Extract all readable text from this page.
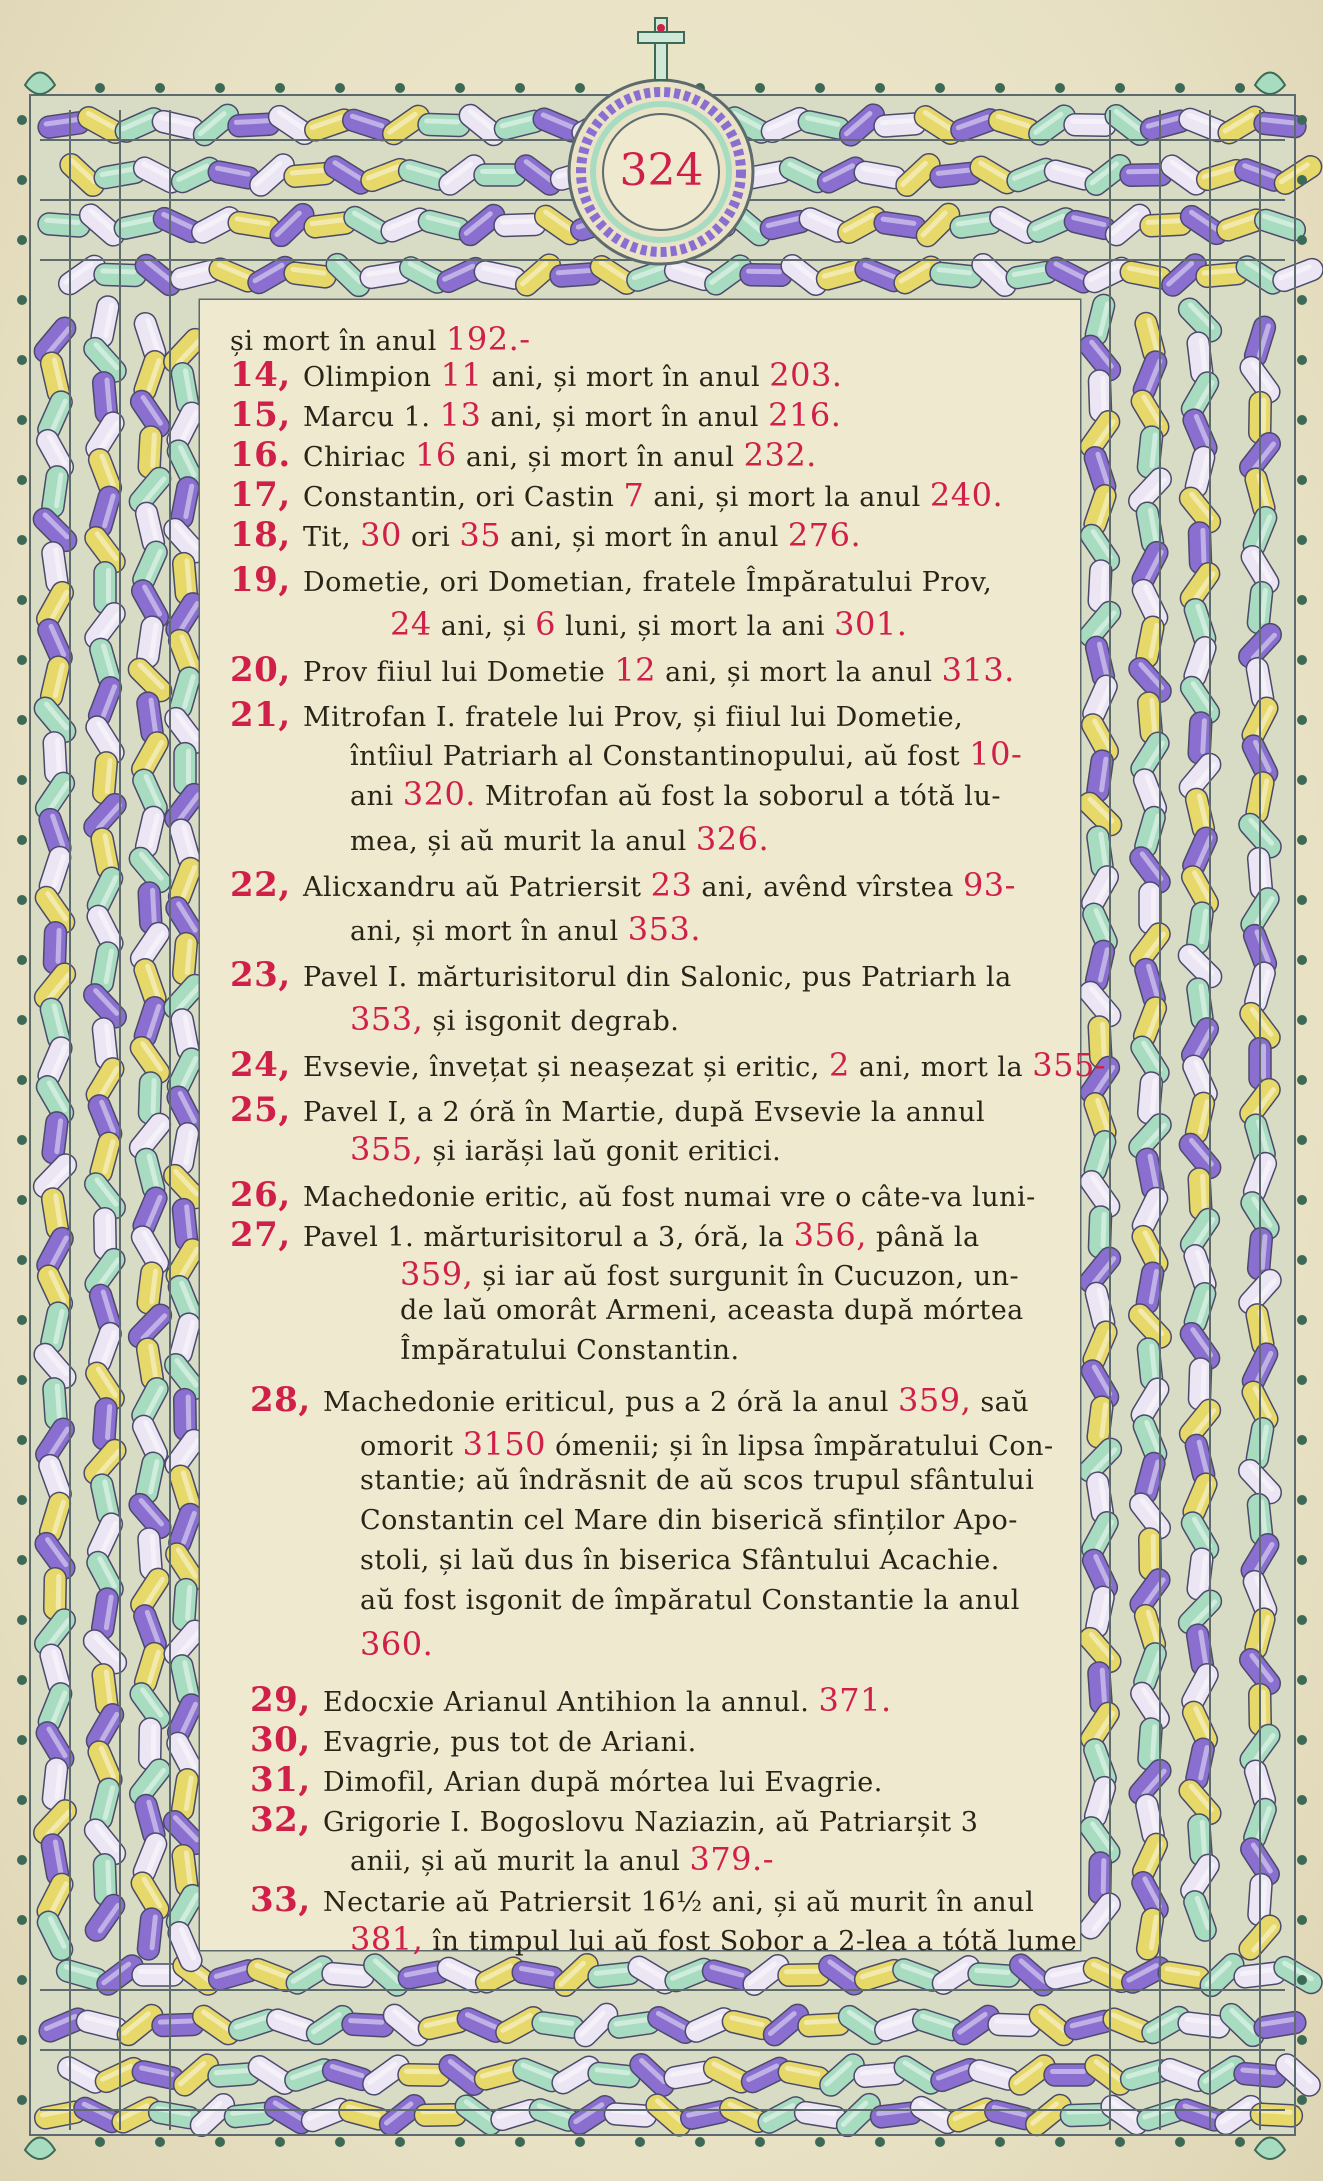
324
și mort în anul 192.-
14, Olimpion 11 ani, și mort în anul 203.
15, Marcu 1. 13 ani, și mort în anul 216.
16. Chiriac 16 ani, și mort în anul 232.
17, Constantin, ori Castin 7 ani, și mort la anul 240.
18, Tit, 30 ori 35 ani, și mort în anul 276.
19, Dometie, ori Dometian, fratele Împăratului Prov,
24 ani, și 6 luni, și mort la ani 301.
20, Prov fiiul lui Dometie 12 ani, și mort la anul 313.
21, Mitrofan I. fratele lui Prov, și fiiul lui Dometie,
întîiul Patriarh al Constantinopului, aŭ fost 10-
ani 320. Mitrofan aŭ fost la soborul a tótă lu-
mea, și aŭ murit la anul 326.
22, Alicxandru aŭ Patriersit 23 ani, avênd vîrstea 93-
ani, și mort în anul 353.
23, Pavel I. mărturisitorul din Salonic, pus Patriarh la
353, și isgonit degrab.
24, Evsevie, învețat și neașezat și eritic, 2 ani, mort la 355-
25, Pavel I, a 2 óră în Martie, după Evsevie la annul
355, și iarăși laŭ gonit eritici.
26, Machedonie eritic, aŭ fost numai vre o câte-va luni-
27, Pavel 1. mărturisitorul a 3, óră, la 356, până la
359, și iar aŭ fost surgunit în Cucuzon, un-
de laŭ omorât Armeni, aceasta după mórtea
Împăratului Constantin.
28, Machedonie eriticul, pus a 2 óră la anul 359, saŭ
omorit 3150 ómenii; și în lipsa împăratului Con-
stantie; aŭ îndrăsnit de aŭ scos trupul sfântului
Constantin cel Mare din biserică sfinților Apo-
stoli, și laŭ dus în biserica Sfântului Acachie.
aŭ fost isgonit de împăratul Constantie la anul
360.
29, Edocxie Arianul Antihion la annul. 371.
30, Evagrie, pus tot de Ariani.
31, Dimofil, Arian după mórtea lui Evagrie.
32, Grigorie I. Bogoslovu Naziazin, aŭ Patriarșit 3
anii, și aŭ murit la anul 379.-
33, Nectarie aŭ Patriersit 16½ ani, și aŭ murit în anul
381, în timpul lui aŭ fost Sobor a 2-lea a tótă lume
